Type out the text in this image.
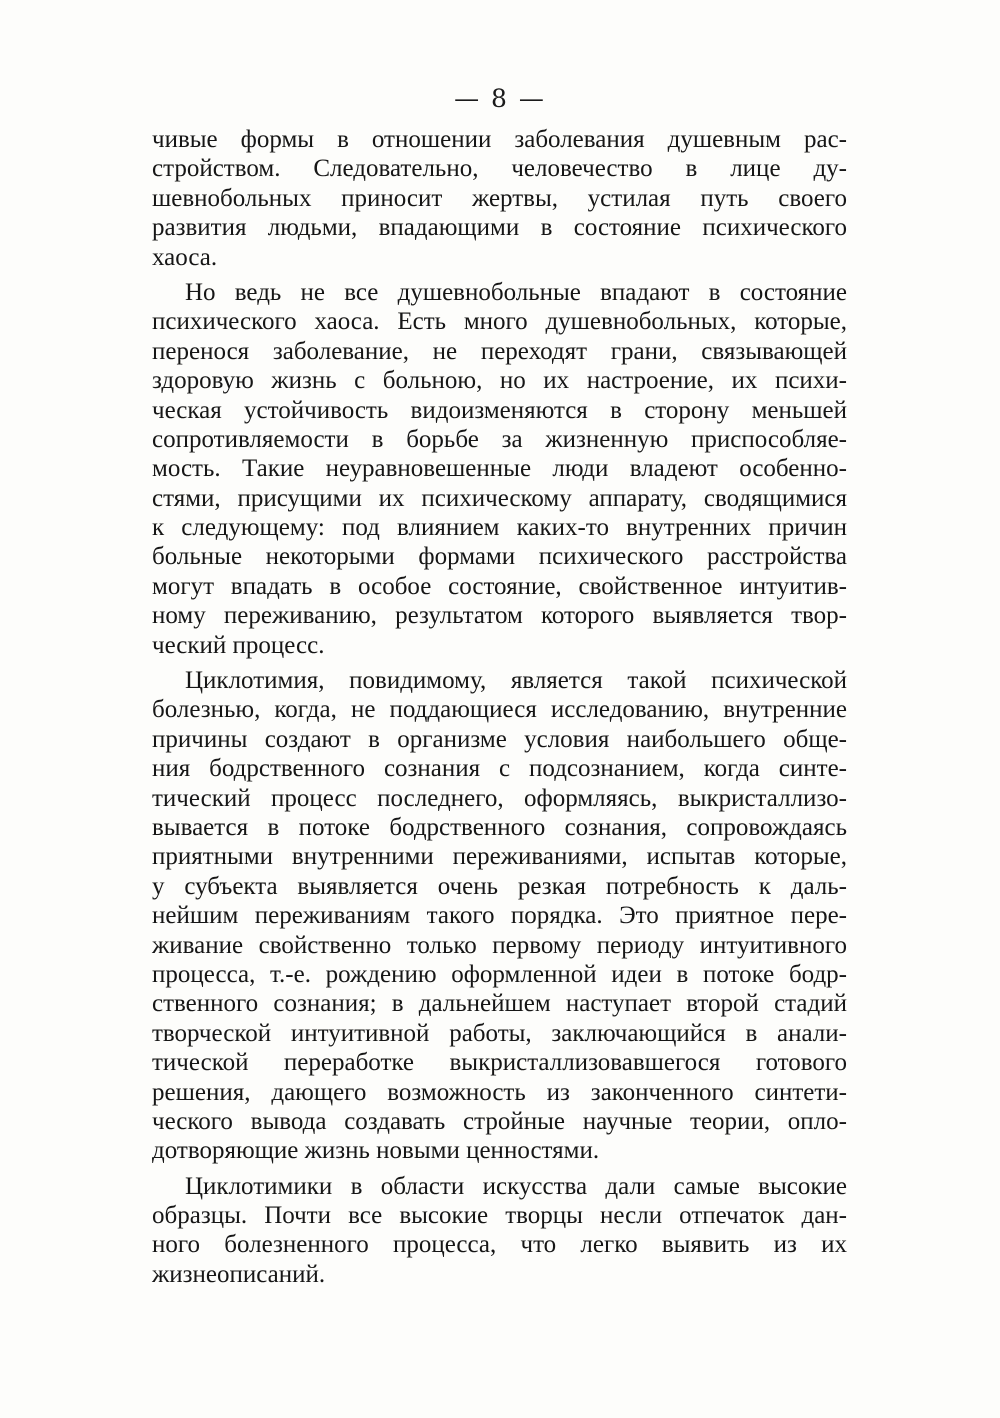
— 8 —
чивые формы в отношении заболевания душевным рас-
стройством. Следовательно, человечество в лице ду-
шевнобольных приносит жертвы, устилая путь своего
развития людьми, впадающими в состояние психического
хаоса.
Но ведь не все душевнобольные впадают в состояние
психического хаоса. Есть много душевнобольных, которые,
перенося заболевание, не переходят грани, связывающей
здоровую жизнь с больною, но их настроение, их психи-
ческая устойчивость видоизменяются в сторону меньшей
сопротивляемости в борьбе за жизненную приспособляе-
мость. Такие неуравновешенные люди владеют особенно-
стями, присущими их психическому аппарату, сводящимися
к следующему: под влиянием каких-то внутренних причин
больные некоторыми формами психического расстройства
могут впадать в особое состояние, свойственное интуитив-
ному переживанию, результатом которого выявляется твор-
ческий процесс.
Циклотимия, повидимому, является такой психической
болезнью, когда, не поддающиеся исследованию, внутренние
причины создают в организме условия наибольшего обще-
ния бодрственного сознания с подсознанием, когда синте-
тический процесс последнего, оформляясь, выкристаллизо-
вывается в потоке бодрственного сознания, сопровождаясь
приятными внутренними переживаниями, испытав которые,
у субъекта выявляется очень резкая потребность к даль-
нейшим переживаниям такого порядка. Это приятное пере-
живание свойственно только первому периоду интуитивного
процесса, т.-е. рождению оформленной идеи в потоке бодр-
ственного сознания; в дальнейшем наступает второй стадий
творческой интуитивной работы, заключающийся в анали-
тической переработке выкристаллизовавшегося готового
решения, дающего возможность из законченного синтети-
ческого вывода создавать стройные научные теории, опло-
дотворяющие жизнь новыми ценностями.
Циклотимики в области искусства дали самые высокие
образцы. Почти все высокие творцы несли отпечаток дан-
ного болезненного процесса, что легко выявить из их
жизнеописаний.
